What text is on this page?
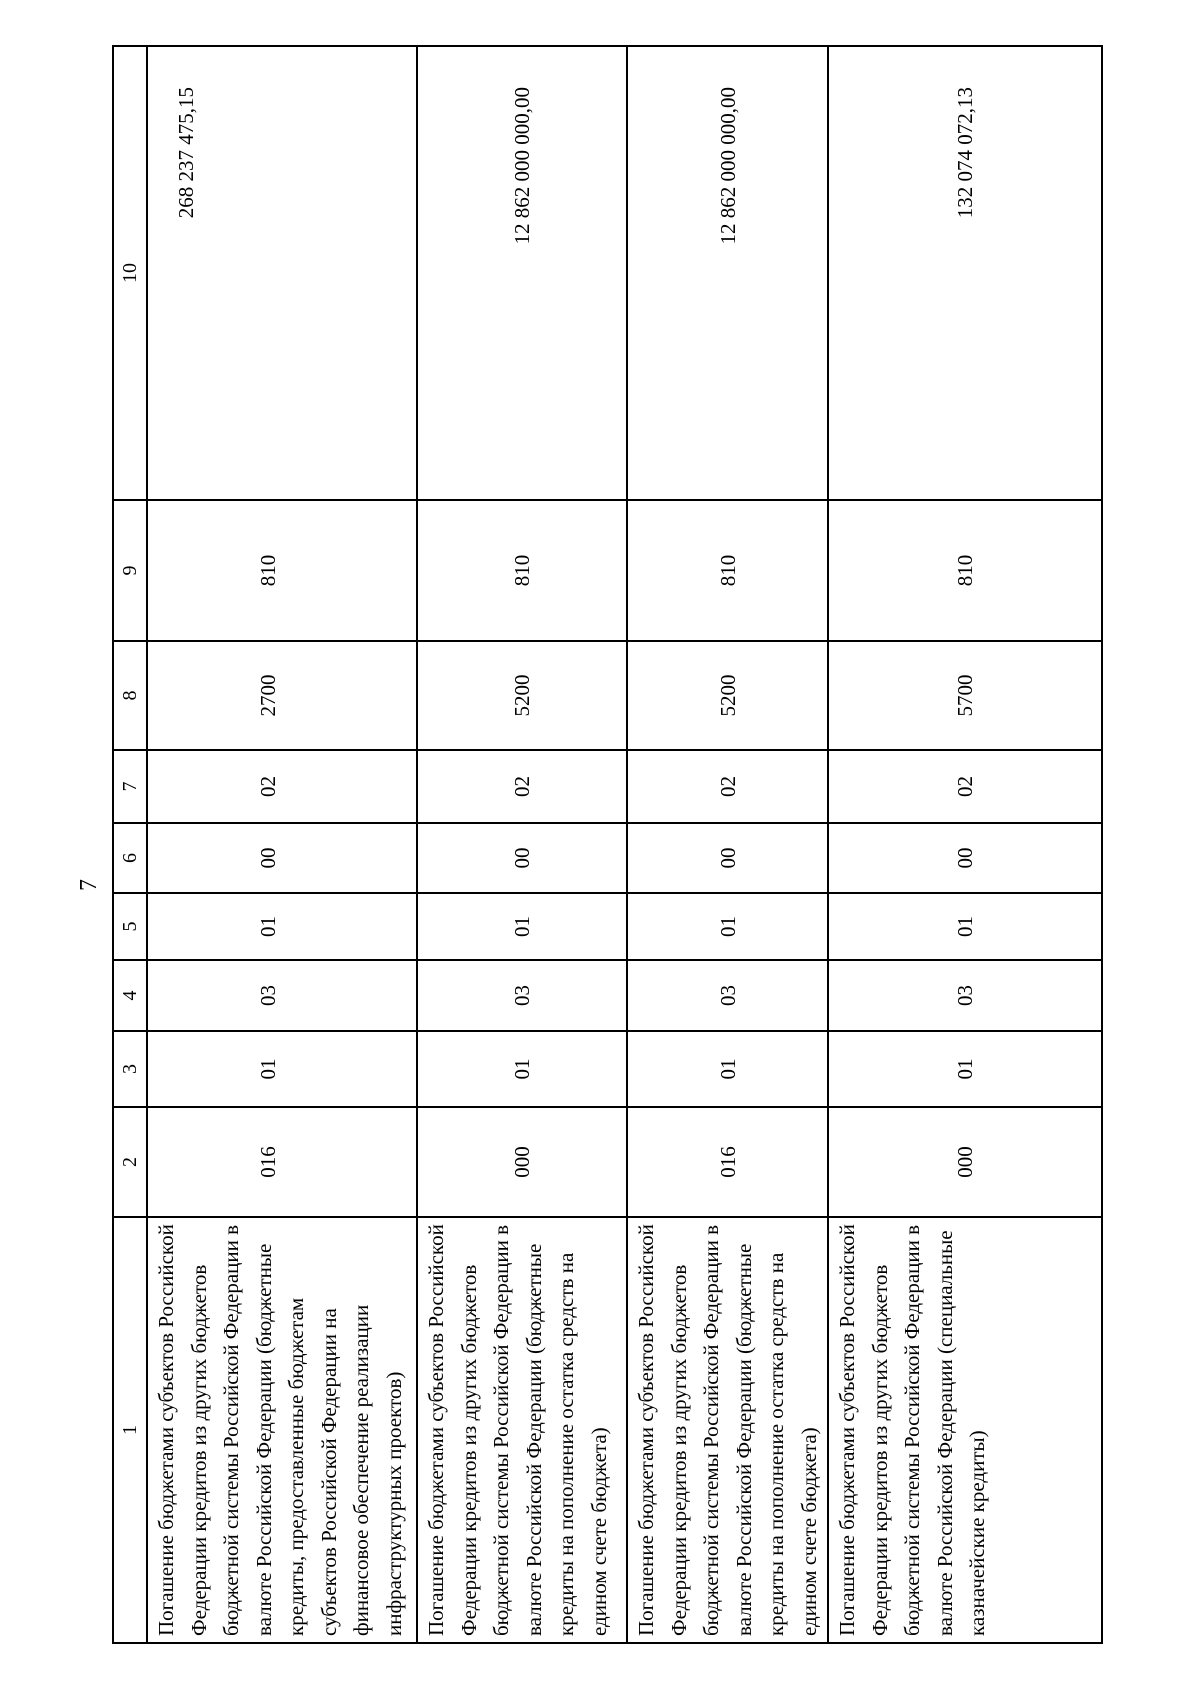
7
1	2	3	4	5	6	7	8	9	10
Погашение бюджетами субъектов Российской Федерации кредитов из других бюджетов бюджетной системы Российской Федерации в валюте Российской Федерации (бюджетные кредиты, предоставленные бюджетам субъектов Российской Федерации на финансовое обеспечение реализации инфраструктурных проектов)	016	01	03	01	00	02	2700	810	268 237 475,15
Погашение бюджетами субъектов Российской Федерации кредитов из других бюджетов бюджетной системы Российской Федерации в валюте Российской Федерации (бюджетные кредиты на пополнение остатка средств на едином счете бюджета)	000	01	03	01	00	02	5200	810	12 862 000 000,00
Погашение бюджетами субъектов Российской Федерации кредитов из других бюджетов бюджетной системы Российской Федерации в валюте Российской Федерации (бюджетные кредиты на пополнение остатка средств на едином счете бюджета)	016	01	03	01	00	02	5200	810	12 862 000 000,00
Погашение бюджетами субъектов Российской Федерации кредитов из других бюджетов бюджетной системы Российской Федерации в валюте Российской Федерации (специальные казначейские кредиты)	000	01	03	01	00	02	5700	810	132 074 072,13
